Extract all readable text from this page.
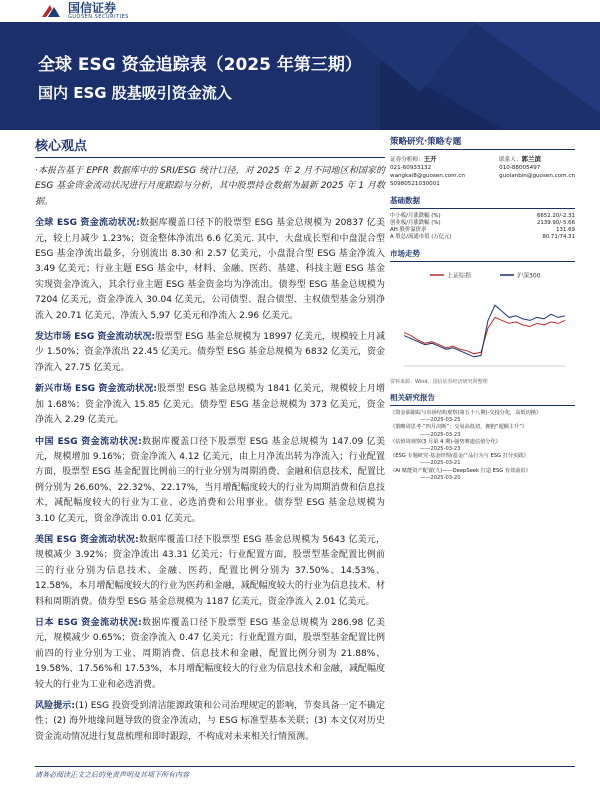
国信证券
GUOSEN SECURITIES
全球 ESG 资金追踪表（2025 年第三期）
国内 ESG 股基吸引资金流入
核心观点

·本报告基于 EPFR 数据库中的 SRI/ESG 统计口径，对 2025 年 2 月不同地区和国家的 ESG 基金资金流动状况进行月度跟踪与分析，其中股票持仓数据为最新 2025 年 1 月数据。

全球 ESG 资金流动状况:数据库覆盖口径下的股票型 ESG 基金总规模为 20837 亿美元，较上月减少 1.23%；资金整体净流出 6.6 亿美元. 其中，大盘成长型和中盘混合型 ESG 基金净流出最多，分别流出 8.30 和 2.57 亿美元，小盘混合型 ESG 基金净流入 3.49 亿美元；行业主题 ESG 基金中，材料、金融、医药、基建、科技主题 ESG 基金实现资金净流入，其余行业主题 ESG 基金资金均为净流出。债券型 ESG 基金总规模为 7204 亿美元，资金净流入 30.04 亿美元，公司债型、混合债型、主权债型基金分别净流入 20.71 亿美元、净流入 5.97 亿美元和净流入 2.96 亿美元。

发达市场 ESG 资金流动状况:股票型 ESG 基金总规模为 18997 亿美元，规模较上月减少 1.50%；资金净流出 22.45 亿美元。债券型 ESG 基金总规模为 6832 亿美元，资金净流入 27.75 亿美元。

新兴市场 ESG 资金流动状况:股票型 ESG 基金总规模为 1841 亿美元，规模较上月增加 1.68%；资金净流入 15.85 亿美元。债券型 ESG 基金总规模为 373 亿美元，资金净流入 2.29 亿美元。

中国 ESG 资金流动状况:数据库覆盖口径下股票型 ESG 基金总规模为 147.09 亿美元，规模增加 9.16%；资金净流入 4.12 亿美元，由上月净流出转为净流入；行业配置方面，股票型 ESG 基金配置比例前三的行业分别为周期消费、金融和信息技术，配置比例分别为 26.60%、22.32%、22.17%，当月增配幅度较大的行业为周期消费和信息技术，减配幅度较大的行业为工业、必选消费和公用事业。债券型 ESG 基金总规模为 3.10 亿美元，资金净流出 0.01 亿美元。

美国 ESG 资金流动状况:数据库覆盖口径下股票型 ESG 基金总规模为 5643 亿美元，规模减少 3.92%；资金净流出 43.31 亿美元；行业配置方面，股票型基金配置比例前三的行业分别为信息技术、金融、医药，配置比例分别为 37.50%、14.53%、12.58%，本月增配幅度较大的行业为医药和金融，减配幅度较大的行业为信息技术、材料和周期消费。债券型 ESG 基金总规模为 1187 亿美元，资金净流入 2.01 亿美元。

日本 ESG 资金流动状况:数据库覆盖口径下股票型 ESG 基金总规模为 286.98 亿美元，规模减少 0.65%；资金净流入 0.47 亿美元；行业配置方面，股票型基金配置比例前四的行业分别为工业、周期消费、信息技术和金融，配置比例分别为 21.88%、19.58%、17.56%和 17.53%，本月增配幅度较大的行业为信息技术和金融，减配幅度较大的行业为工业和必选消费。

风险提示:(1) ESG 投资受到清洁能源政策和公司治理规定的影响，节奏具备一定不确定性；(2) 海外地缘问题导致的资金净流动，与 ESG 标准型基本关联；(3) 本文仅对历史资金流动情况进行复盘梳理和即时跟踪，不构成对未来相关行情预测。

策略研究·策略专题
证券分析师：王开
021-60933132
wangkai8@guosen.com.cn
S0980521030001
联系人：郭兰滨
010-88005497
guolanbin@guosen.com.cn
基础数据
中小板/月涨跌幅 (%)	6652.20/-2.31
创业板/月涨跌幅 (%)	2139.90/-5.66
AH 股价溢价率	131.69
A 股总/流通市值 (万亿元)	80.71/74.31
市场走势
上证综指	沪深300
资料来源：Wind、国信证券经济研究所整理
相关研究报告
《资金面跟踪与市场结构观察(第五十八期)-交投分化，高低切换》
——2025-03-25
《策略周思考-“四月决断”：交易高低切，拥抱“超额主升”》
——2025-03-23
《估值周观察(3 月第 4 期)-强势赛道估值分化》
——2025-03-23
《ESG 专题研究-基金经理/基金产品行为与 ESG 打分实践》
——2025-03-21
《AI 赋能资产配置(九)——DeepSeek 打造 ESG 有效前沿》
——2025-03-20
请务必阅读正文之后的免责声明及其项下所有内容
